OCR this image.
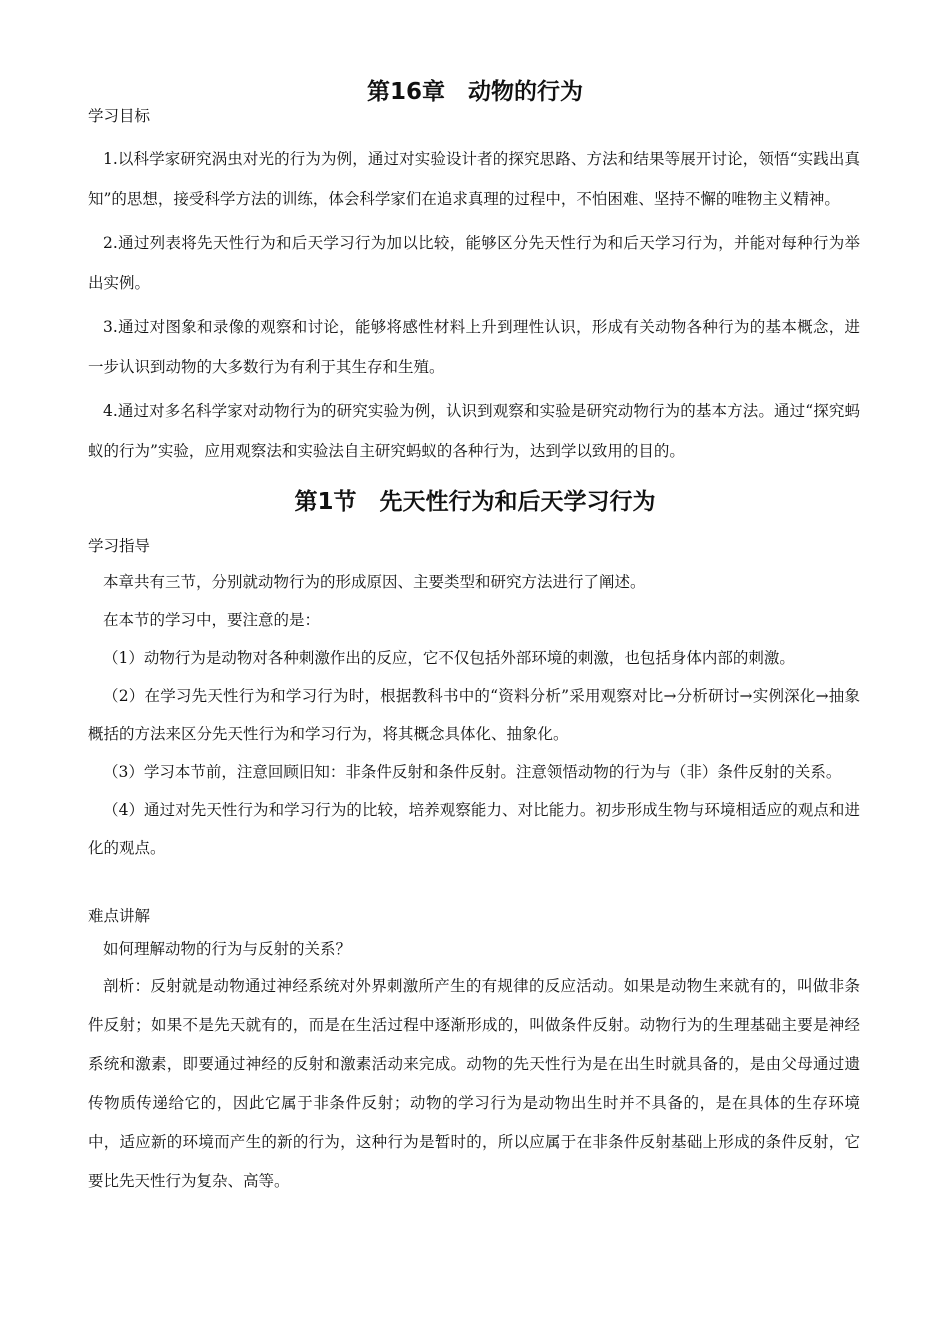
第16章　动物的行为
学习目标

1.以科学家研究涡虫对光的行为为例，通过对实验设计者的探究思路、方法和结果等展开讨论，领悟“实践出真知”的思想，接受科学方法的训练，体会科学家们在追求真理的过程中，不怕困难、坚持不懈的唯物主义精神。

2.通过列表将先天性行为和后天学习行为加以比较，能够区分先天性行为和后天学习行为，并能对每种行为举出实例。

3.通过对图象和录像的观察和讨论，能够将感性材料上升到理性认识，形成有关动物各种行为的基本概念，进一步认识到动物的大多数行为有利于其生存和生殖。

4.通过对多名科学家对动物行为的研究实验为例，认识到观察和实验是研究动物行为的基本方法。通过“探究蚂蚁的行为”实验，应用观察法和实验法自主研究蚂蚁的各种行为，达到学以致用的目的。

第1节　先天性行为和后天学习行为
学习指导

本章共有三节，分别就动物行为的形成原因、主要类型和研究方法进行了阐述。

在本节的学习中，要注意的是：

（1）动物行为是动物对各种刺激作出的反应，它不仅包括外部环境的刺激，也包括身体内部的刺激。

（2）在学习先天性行为和学习行为时，根据教科书中的“资料分析”采用观察对比→分析研讨→实例深化→抽象概括的方法来区分先天性行为和学习行为，将其概念具体化、抽象化。

（3）学习本节前，注意回顾旧知：非条件反射和条件反射。注意领悟动物的行为与（非）条件反射的关系。

（4）通过对先天性行为和学习行为的比较，培养观察能力、对比能力。初步形成生物与环境相适应的观点和进化的观点。

难点讲解

如何理解动物的行为与反射的关系？

剖析：反射就是动物通过神经系统对外界刺激所产生的有规律的反应活动。如果是动物生来就有的，叫做非条件反射；如果不是先天就有的，而是在生活过程中逐渐形成的，叫做条件反射。动物行为的生理基础主要是神经系统和激素，即要通过神经的反射和激素活动来完成。动物的先天性行为是在出生时就具备的，是由父母通过遗传物质传递给它的，因此它属于非条件反射；动物的学习行为是动物出生时并不具备的，是在具体的生存环境中，适应新的环境而产生的新的行为，这种行为是暂时的，所以应属于在非条件反射基础上形成的条件反射，它要比先天性行为复杂、高等。
